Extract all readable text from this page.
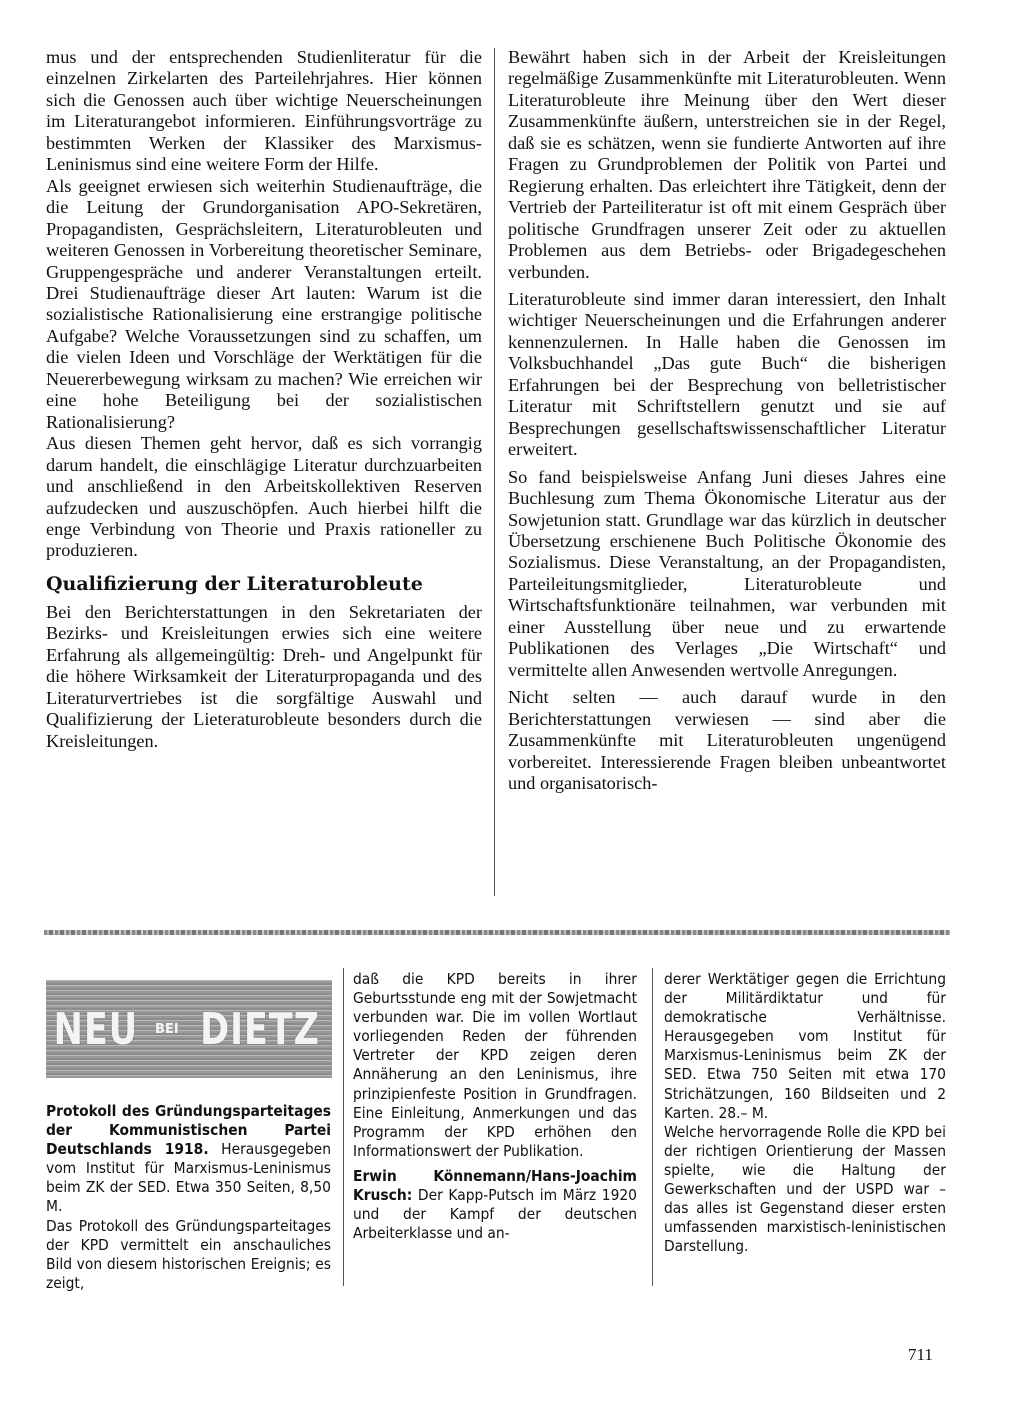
mus und der entsprechenden Studienliteratur für die einzelnen Zirkelarten des Parteilehrjahres. Hier können sich die Genossen auch über wichtige Neuerscheinungen im Literaturangebot informieren. Einführungsvorträge zu bestimmten Werken der Klassiker des Marxismus-Leninismus sind eine weitere Form der Hilfe.

Als geeignet erwiesen sich weiterhin Studienaufträge, die die Leitung der Grundorganisation APO-Sekretären, Propagandisten, Gesprächsleitern, Literaturobleuten und weiteren Genossen in Vorbereitung theoretischer Seminare, Gruppengespräche und anderer Veranstaltungen erteilt. Drei Studienaufträge dieser Art lauten: Warum ist die sozialistische Rationalisierung eine erstrangige politische Aufgabe? Welche Voraussetzungen sind zu schaffen, um die vielen Ideen und Vorschläge der Werktätigen für die Neuererbewegung wirksam zu machen? Wie erreichen wir eine hohe Beteiligung bei der sozialistischen Rationalisierung?

Aus diesen Themen geht hervor, daß es sich vorrangig darum handelt, die einschlägige Literatur durchzuarbeiten und anschließend in den Arbeitskollektiven Reserven aufzudecken und auszuschöpfen. Auch hierbei hilft die enge Verbindung von Theorie und Praxis rationeller zu produzieren.

Qualifizierung der Literaturobleute

Bei den Berichterstattungen in den Sekretariaten der Bezirks- und Kreisleitungen erwies sich eine weitere Erfahrung als allgemeingültig: Dreh- und Angelpunkt für die höhere Wirksamkeit der Literaturpropaganda und des Literaturvertriebes ist die sorgfältige Auswahl und Qualifizierung der Lieteraturobleute besonders durch die Kreisleitungen.

Bewährt haben sich in der Arbeit der Kreisleitungen regelmäßige Zusammenkünfte mit Literaturobleuten. Wenn Literaturobleute ihre Meinung über den Wert dieser Zusammenkünfte äußern, unterstreichen sie in der Regel, daß sie es schätzen, wenn sie fundierte Antworten auf ihre Fragen zu Grundproblemen der Politik von Partei und Regierung erhalten. Das erleichtert ihre Tätigkeit, denn der Vertrieb der Parteiliteratur ist oft mit einem Gespräch über politische Grundfragen unserer Zeit oder zu aktuellen Problemen aus dem Betriebs- oder Brigadegeschehen verbunden.

Literaturobleute sind immer daran interessiert, den Inhalt wichtiger Neuerscheinungen und die Erfahrungen anderer kennenzulernen. In Halle haben die Genossen im Volksbuchhandel „Das gute Buch“ die bisherigen Erfahrungen bei der Besprechung von belletristischer Literatur mit Schriftstellern genutzt und sie auf Besprechungen gesellschaftswissenschaftlicher Literatur erweitert.

So fand beispielsweise Anfang Juni dieses Jahres eine Buchlesung zum Thema Ökonomische Literatur aus der Sowjetunion statt. Grundlage war das kürzlich in deutscher Übersetzung erschienene Buch Politische Ökonomie des Sozialismus. Diese Veranstaltung, an der Propagandisten, Parteileitungsmitglieder, Literaturobleute und Wirtschaftsfunktionäre teilnahmen, war verbunden mit einer Ausstellung über neue und zu erwartende Publikationen des Verlages „Die Wirtschaft“ und vermittelte allen Anwesenden wertvolle Anregungen.

Nicht selten — auch darauf wurde in den Berichterstattungen verwiesen — sind aber die Zusammenkünfte mit Literaturobleuten ungenügend vorbereitet. Interessierende Fragen bleiben unbeantwortet und organisatorisch-

NEU BEI DIETZ

Protokoll des Gründungsparteitages der Kommunistischen Partei Deutschlands 1918. Herausgegeben vom Institut für Marxismus-Leninismus beim ZK der SED. Etwa 350 Seiten, 8,50 M.

Das Protokoll des Gründungsparteitages der KPD vermittelt ein anschauliches Bild von diesem historischen Ereignis; es zeigt,

daß die KPD bereits in ihrer Geburtsstunde eng mit der Sowjetmacht verbunden war. Die im vollen Wortlaut vorliegenden Reden der führenden Vertreter der KPD zeigen deren Annäherung an den Leninismus, ihre prinzipienfeste Position in Grundfragen. Eine Einleitung, Anmerkungen und das Programm der KPD erhöhen den Informationswert der Publikation.

Erwin Könnemann/Hans-Joachim Krusch: Der Kapp-Putsch im März 1920 und der Kampf der deutschen Arbeiterklasse und an-

derer Werktätiger gegen die Errichtung der Militärdiktatur und für demokratische Verhältnisse. Herausgegeben vom Institut für Marxismus-Leninismus beim ZK der SED. Etwa 750 Seiten mit etwa 170 Strichätzungen, 160 Bildseiten und 2 Karten. 28.– M.

Welche hervorragende Rolle die KPD bei der richtigen Orientierung der Massen spielte, wie die Haltung der Gewerkschaften und der USPD war – das alles ist Gegenstand dieser ersten umfassenden marxistisch-leninistischen Darstellung.

711
